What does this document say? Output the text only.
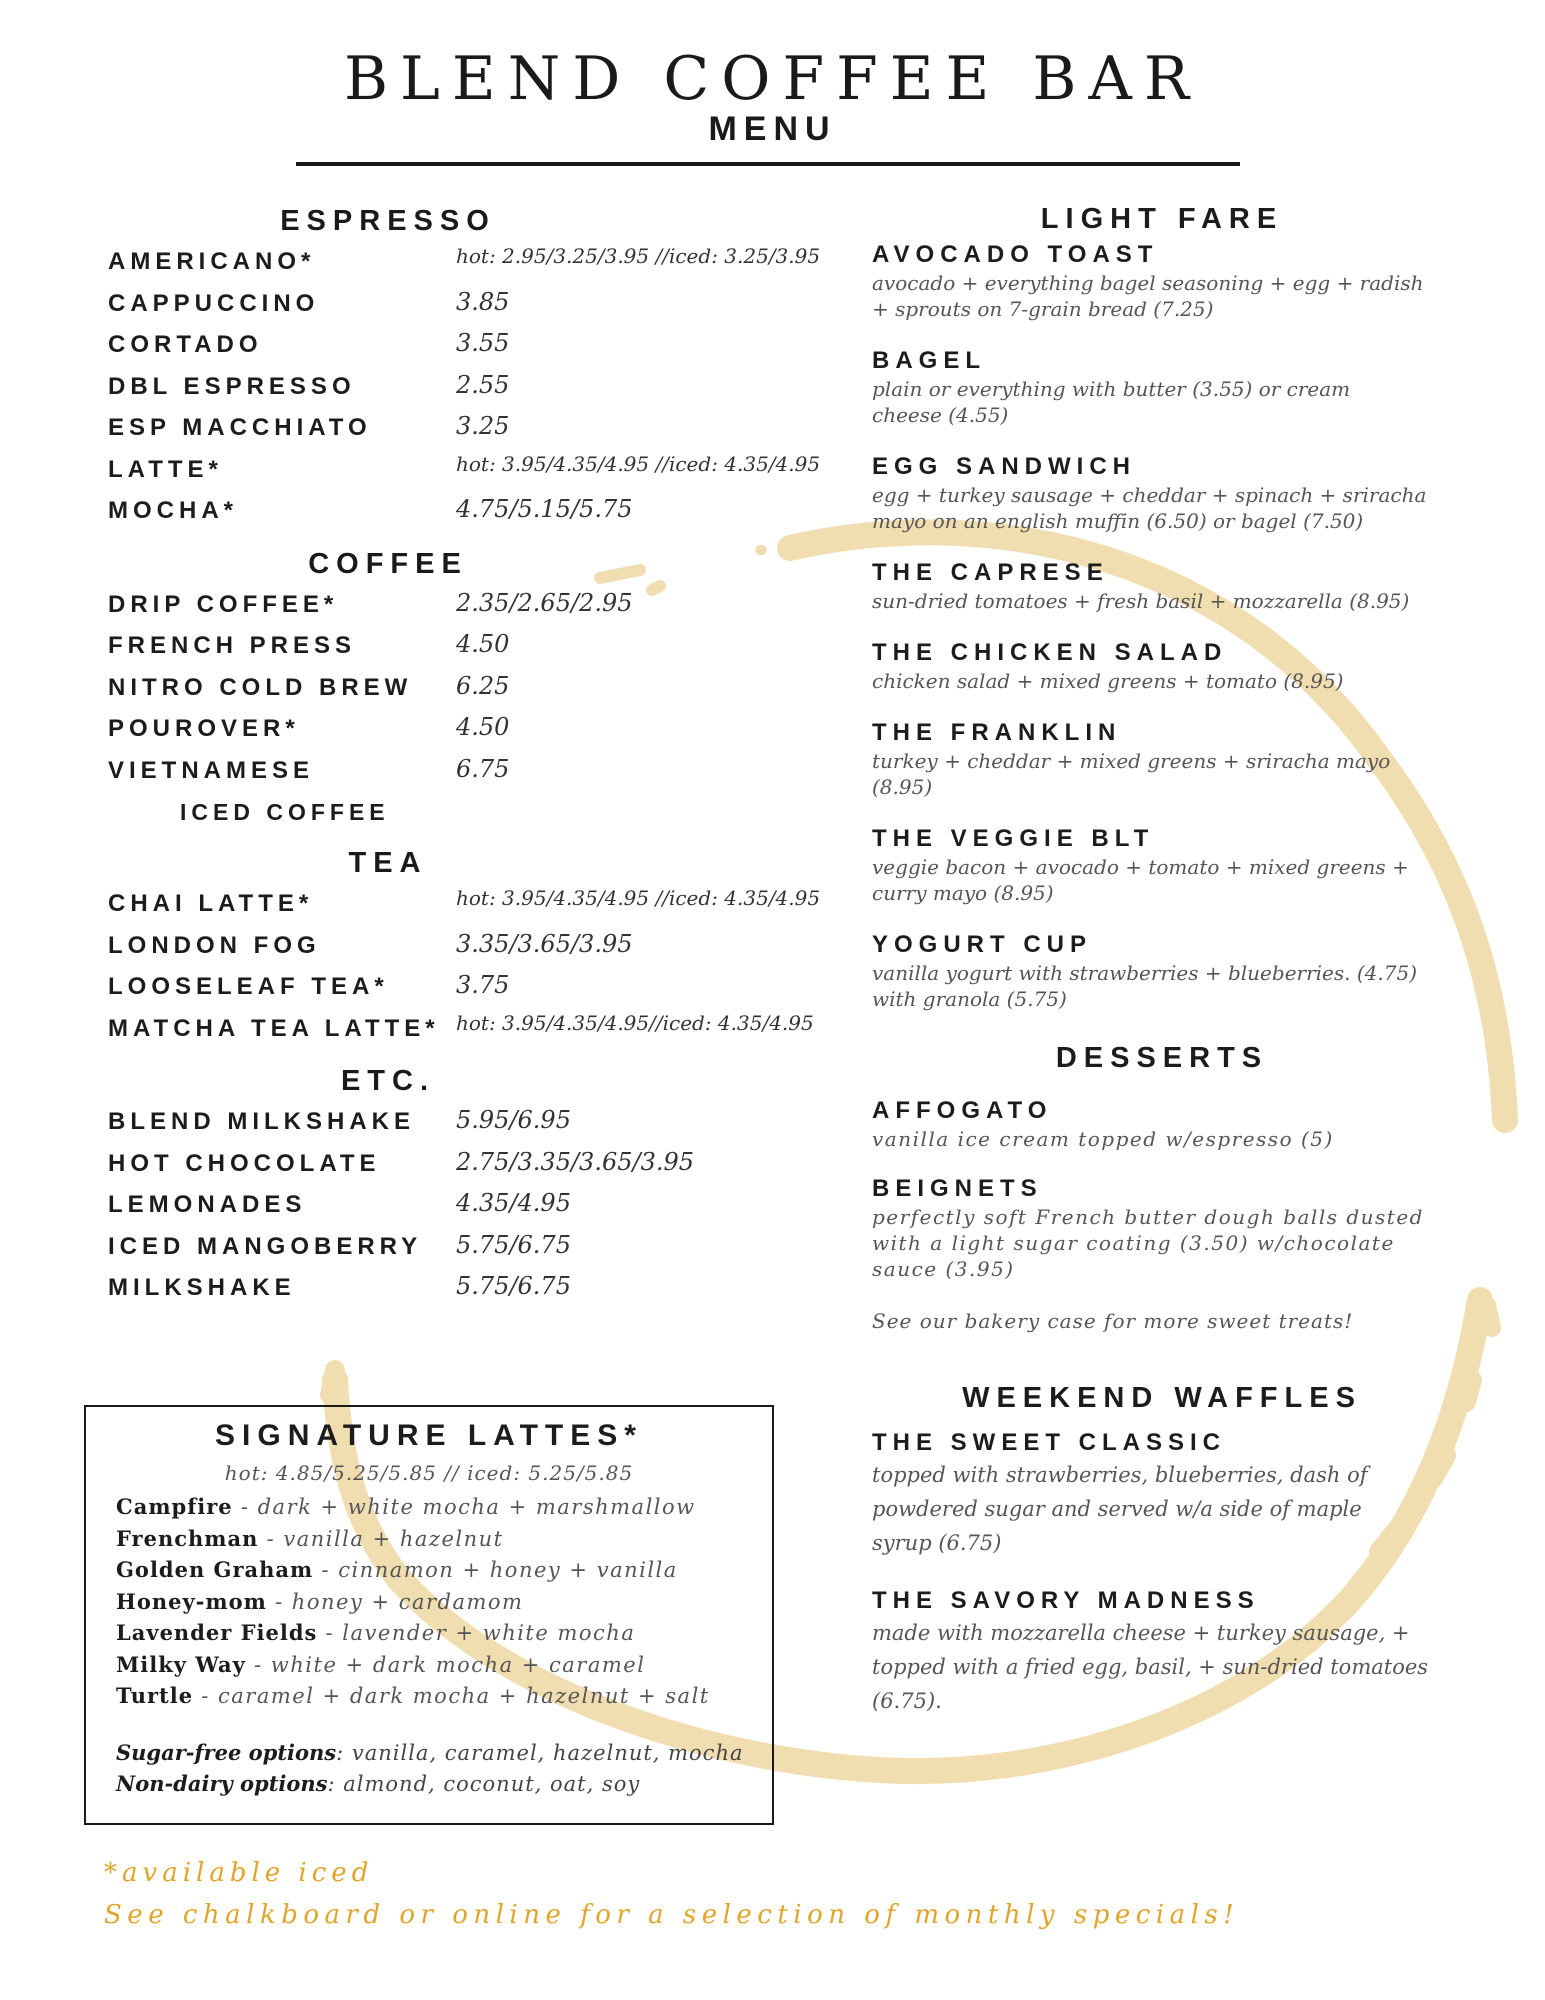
BLEND COFFEE BAR
MENU
ESPRESSO
AMERICANO*	hot: 2.95/3.25/3.95 //iced: 3.25/3.95
CAPPUCCINO	3.85
CORTADO	3.55
DBL ESPRESSO	2.55
ESP MACCHIATO	3.25
LATTE*	hot: 3.95/4.35/4.95 //iced: 4.35/4.95
MOCHA*	4.75/5.15/5.75
COFFEE
DRIP COFFEE*	2.35/2.65/2.95
FRENCH PRESS	4.50
NITRO COLD BREW 6.25
POUROVER*	4.50
VIETNAMESE	6.75
ICED COFFEE
TEA
CHAI LATTE*	hot: 3.95/4.35/4.95 //iced: 4.35/4.95
LONDON FOG	3.35/3.65/3.95
LOOSELEAF TEA*	3.75
MATCHA TEA LATTE* hot: 3.95/4.35/4.95//iced: 4.35/4.95
ETC.
BLEND MILKSHAKE 5.95/6.95
HOT CHOCOLATE	2.75/3.35/3.65/3.95
LEMONADES	4.35/4.95
ICED MANGOBERRY 5.75/6.75
MILKSHAKE	5.75/6.75
SIGNATURE LATTES*
hot: 4.85/5.25/5.85 // iced: 5.25/5.85
Campfire - dark + white mocha + marshmallow
Frenchman - vanilla + hazelnut
Golden Graham - cinnamon + honey + vanilla
Honey-mom - honey + cardamom
Lavender Fields - lavender + white mocha
Milky Way - white + dark mocha + caramel
Turtle - caramel + dark mocha + hazelnut + salt
Sugar-free options: vanilla, caramel, hazelnut, mocha
Non-dairy options: almond, coconut, oat, soy
*available iced
See chalkboard or online for a selection of monthly specials!
LIGHT FARE
AVOCADO TOAST
avocado + everything bagel seasoning + egg + radish
+ sprouts on 7-grain bread (7.25)
BAGEL
plain or everything with butter (3.55) or cream
cheese (4.55)
EGG SANDWICH
egg + turkey sausage + cheddar + spinach + sriracha
mayo on an english muffin (6.50) or bagel (7.50)
THE CAPRESE
sun-dried tomatoes + fresh basil + mozzarella (8.95)
THE CHICKEN SALAD
chicken salad + mixed greens + tomato (8.95)
THE FRANKLIN
turkey + cheddar + mixed greens + sriracha mayo
(8.95)
THE VEGGIE BLT
veggie bacon + avocado + tomato + mixed greens +
curry mayo (8.95)
YOGURT CUP
vanilla yogurt with strawberries + blueberries. (4.75)
with granola (5.75)
DESSERTS
AFFOGATO
vanilla ice cream topped w/espresso (5)
BEIGNETS
perfectly soft French butter dough balls dusted
with a light sugar coating (3.50) w/chocolate
sauce (3.95)
See our bakery case for more sweet treats!
WEEKEND WAFFLES
THE SWEET CLASSIC
topped with strawberries, blueberries, dash of
powdered sugar and served w/a side of maple
syrup (6.75)
THE SAVORY MADNESS
made with mozzarella cheese + turkey sausage, +
topped with a fried egg, basil, + sun-dried tomatoes
(6.75).
